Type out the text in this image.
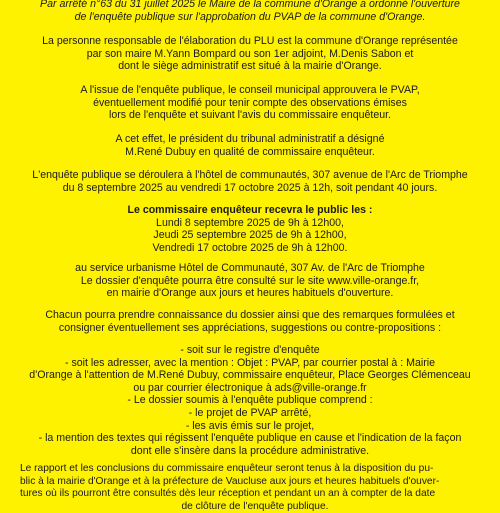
Par arrêté n°63 du 31 juillet 2025 le Maire de la commune d'Orange a ordonné l'ouverture
de l'enquête publique sur l'approbation du PVAP de la commune d'Orange.
La personne responsable de l'élaboration du PLU est la commune d'Orange représentée
par son maire M.Yann Bompard ou son 1er adjoint, M.Denis Sabon et
dont le siège administratif est situé à la mairie d'Orange.
A l'issue de l'enquête publique, le conseil municipal approuvera le PVAP,
éventuellement modifié pour tenir compte des observations émises
lors de l'enquête et suivant l'avis du commissaire enquêteur.
A cet effet, le président du tribunal administratif a désigné
M.René Dubuy en qualité de commissaire enquêteur.
L'enquête publique se déroulera à l'hôtel de communautés, 307 avenue de l'Arc de Triomphe
du 8 septembre 2025 au vendredi 17 octobre 2025 à 12h, soit pendant 40 jours.
Le commissaire enquêteur recevra le public les :
Lundi 8 septembre 2025 de 9h à 12h00,
Jeudi 25 septembre 2025 de 9h à 12h00,
Vendredi 17 octobre 2025 de 9h à 12h00.
au service urbanisme Hôtel de Communauté, 307 Av. de l'Arc de Triomphe
Le dossier d'enquête pourra être consulté sur le site www.ville-orange.fr,
en mairie d'Orange aux jours et heures habituels d'ouverture.
Chacun pourra prendre connaissance du dossier ainsi que des remarques formulées et
consigner éventuellement ses appréciations, suggestions ou contre-propositions :
- soit sur le registre d'enquête
- soit les adresser, avec la mention : Objet : PVAP, par courrier postal à : Mairie
d'Orange à l'attention de M.René Dubuy, commissaire enquêteur, Place Georges Clémenceau
ou par courrier électronique à ads@ville-orange.fr
- Le dossier soumis à l'enquête publique comprend :
- le projet de PVAP arrêté,
- les avis émis sur le projet,
- la mention des textes qui régissent l'enquête publique en cause et l'indication de la façon
dont elle s'insère dans la procédure administrative.
Le rapport et les conclusions du commissaire enquêteur seront tenus à la disposition du pu-
blic à la mairie d'Orange et à la préfecture de Vaucluse aux jours et heures habituels d'ouver-
tures où ils pourront être consultés dès leur réception et pendant un an à compter de la date
de clôture de l'enquête publique.
